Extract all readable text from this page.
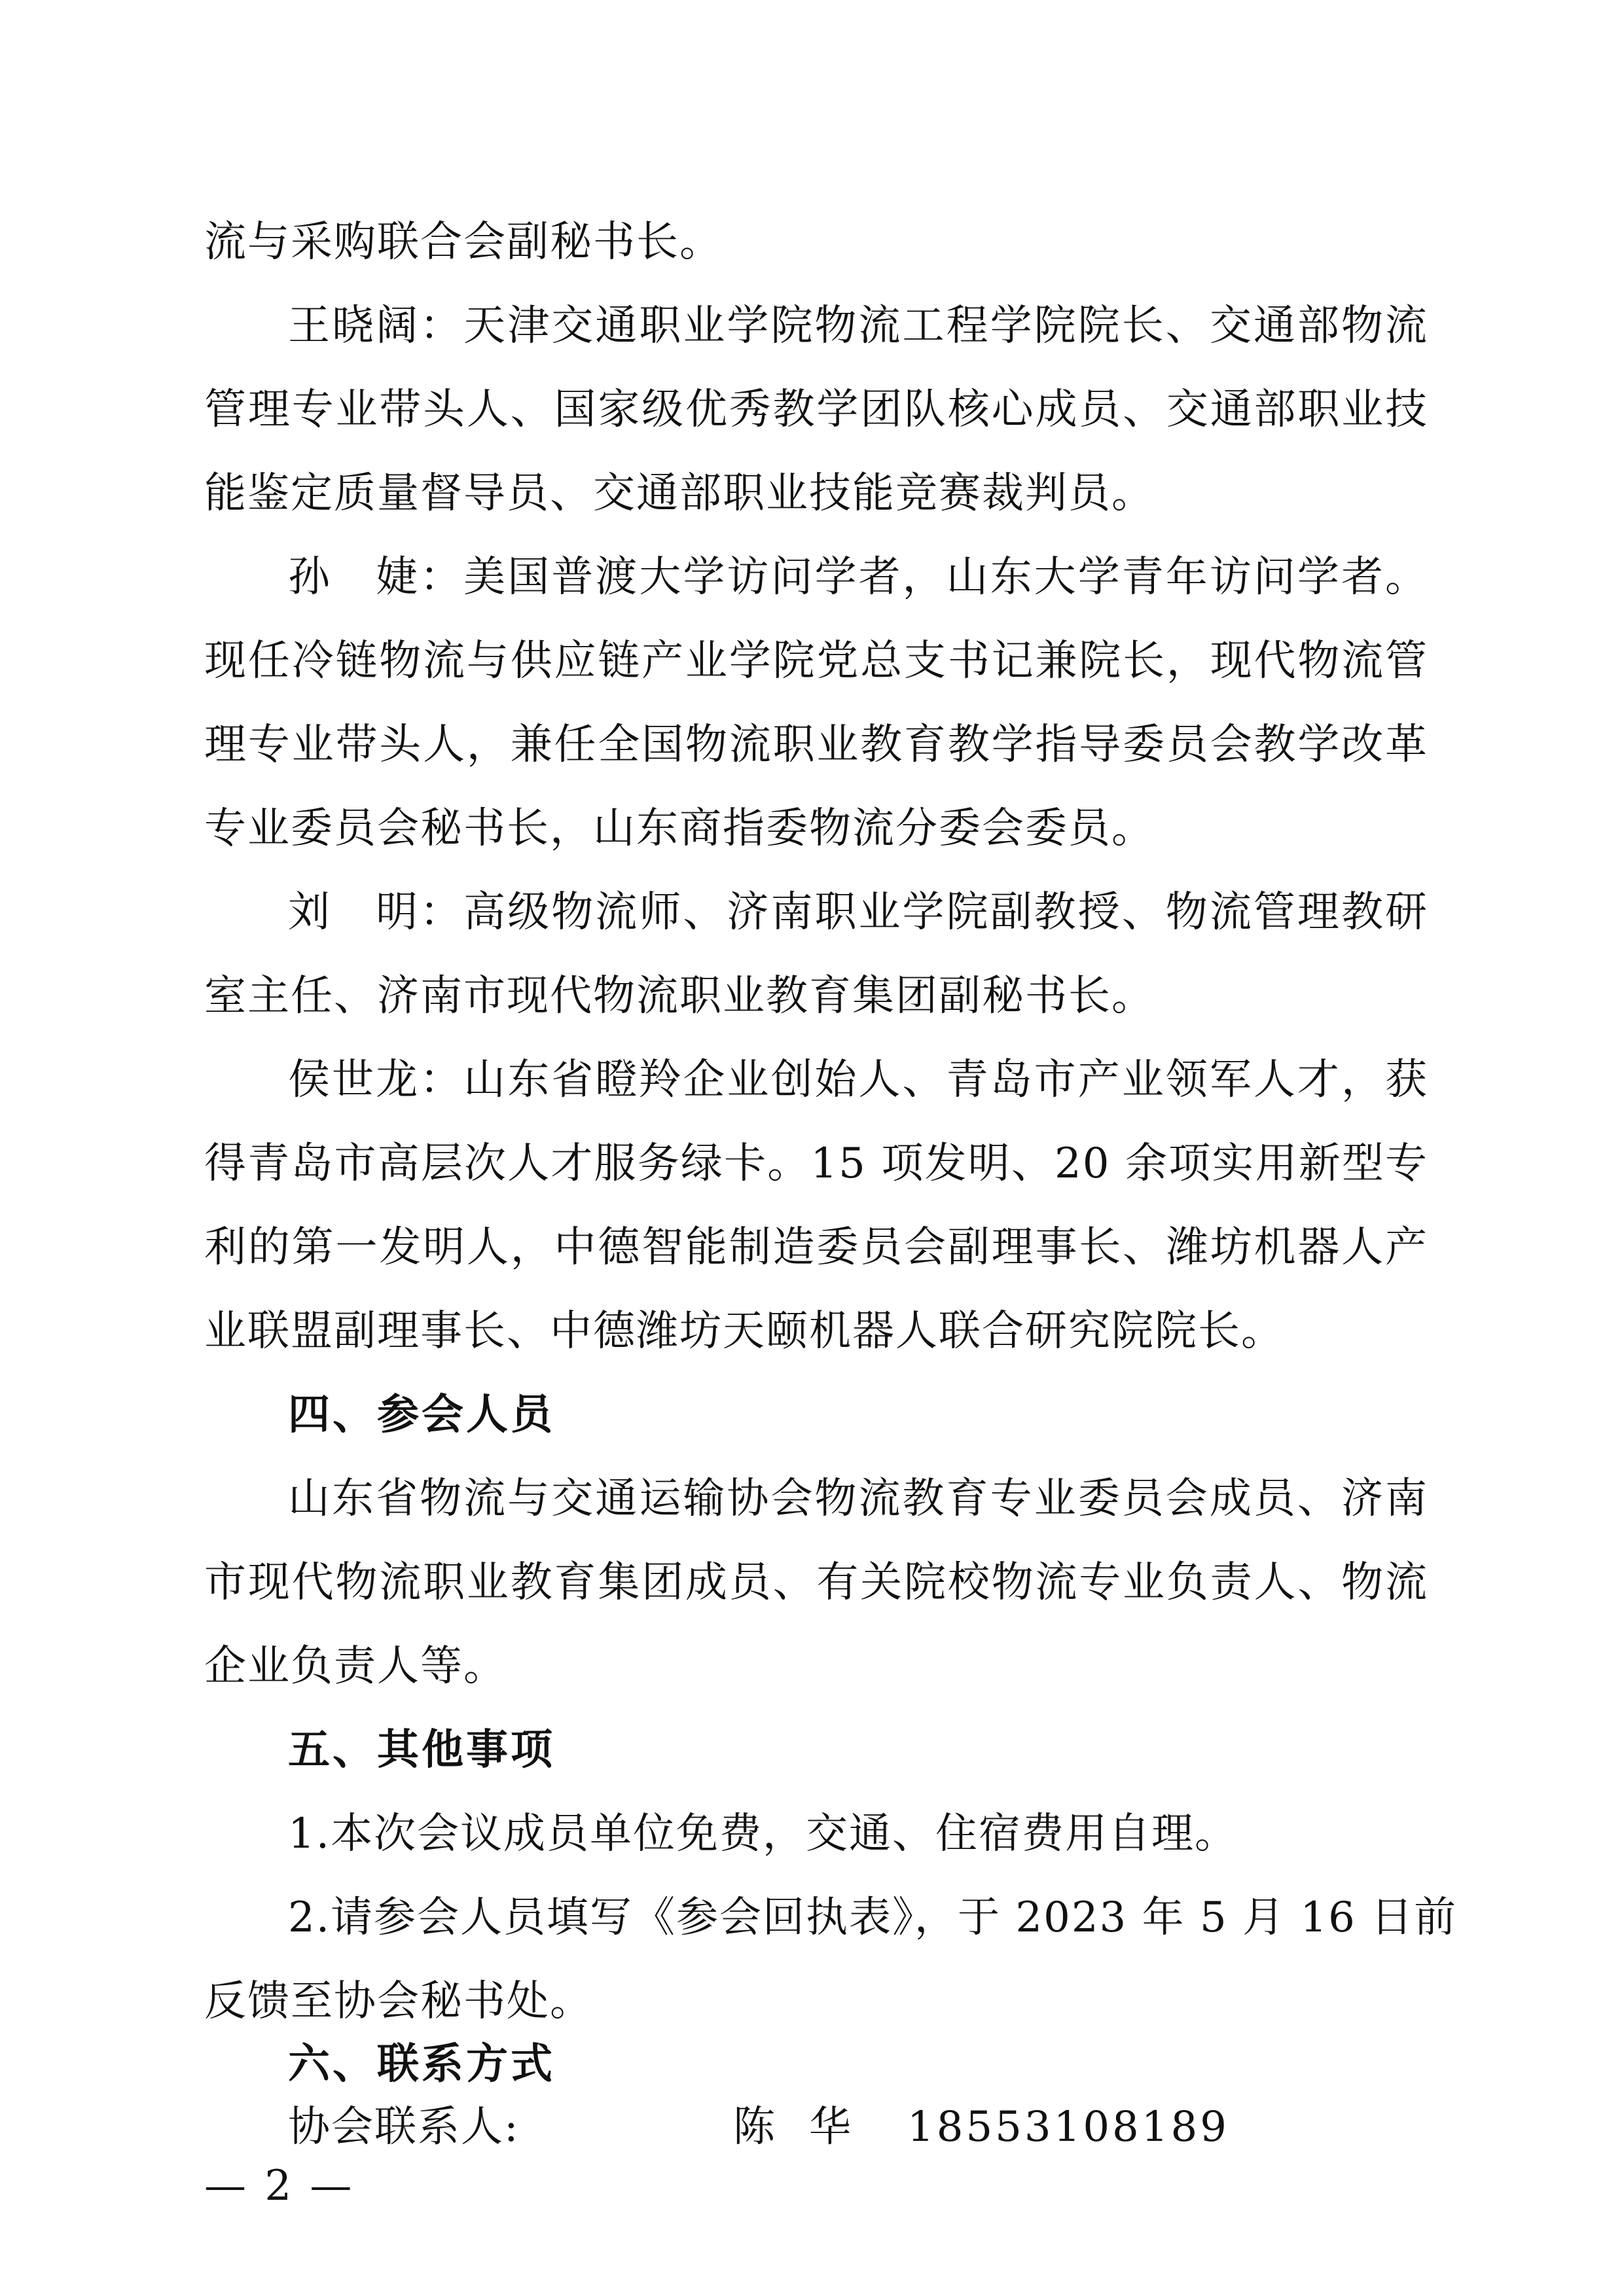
流与采购联合会副秘书长。
王晓阔：天津交通职业学院物流工程学院院长、交通部物流
管理专业带头人、国家级优秀教学团队核心成员、交通部职业技
能鉴定质量督导员、交通部职业技能竞赛裁判员。
孙　婕：美国普渡大学访问学者，山东大学青年访问学者。
现任冷链物流与供应链产业学院党总支书记兼院长，现代物流管
理专业带头人，兼任全国物流职业教育教学指导委员会教学改革
专业委员会秘书长，山东商指委物流分委会委员。
刘　明：高级物流师、济南职业学院副教授、物流管理教研
室主任、济南市现代物流职业教育集团副秘书长。
侯世龙：山东省瞪羚企业创始人、青岛市产业领军人才，获
得青岛市高层次人才服务绿卡。15 项发明、20 余项实用新型专
利的第一发明人，中德智能制造委员会副理事长、潍坊机器人产
业联盟副理事长、中德潍坊天颐机器人联合研究院院长。
四、参会人员
山东省物流与交通运输协会物流教育专业委员会成员、济南
市现代物流职业教育集团成员、有关院校物流专业负责人、物流
企业负责人等。
五、其他事项
1.本次会议成员单位免费，交通、住宿费用自理。
2.请参会人员填写《参会回执表》，于 2023 年 5 月 16 日前
反馈至协会秘书处。
六、联系方式
协会联系人:	陈华 18553108189
— 2 —
